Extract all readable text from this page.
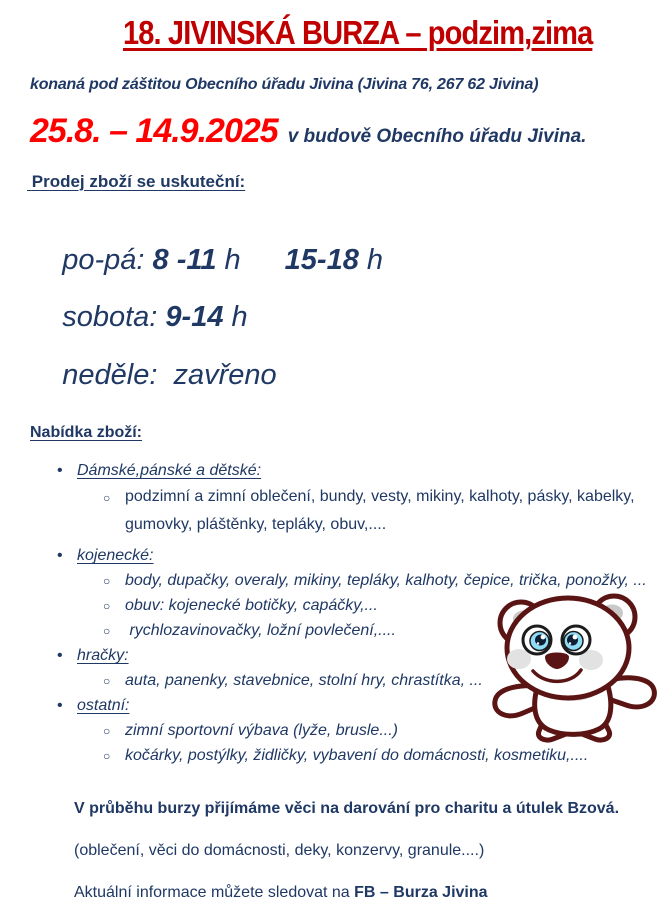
18. JIVINSKÁ BURZA – podzim,zima
konaná pod záštitou Obecního úřadu Jivina (Jivina 76, 267 62 Jivina)
25.8. – 14.9.2025 v budově Obecního úřadu Jivina.
Prodej zboží se uskuteční:

po-pá: 8 -11 h 15-18 h

sobota: 9-14 h

neděle:  zavřeno

Nabídka zboží:
• Dámské,pánské a dětské:
○ podzimní a zimní oblečení, bundy, vesty, mikiny, kalhoty, pásky, kabelky, gumovky, pláštěnky, tepláky, obuv,....
• kojenecké:
○ body, dupačky, overaly, mikiny, tepláky, kalhoty, čepice, trička, ponožky, ...
○ obuv: kojenecké botičky, capáčky,...
○  rychlozavinovačky, ložní povlečení,....
• hračky:
○ auta, panenky, stavebnice, stolní hry, chrastítka, ...
• ostatní:
○ zimní sportovní výbava (lyže, brusle...)
○ kočárky, postýlky, židličky, vybavení do domácnosti, kosmetiku,....
V průběhu burzy přijímáme věci na darování pro charitu a útulek Bzová.
(oblečení, věci do domácnosti, deky, konzervy, granule....)
Aktuální informace můžete sledovat na FB – Burza Jivina
